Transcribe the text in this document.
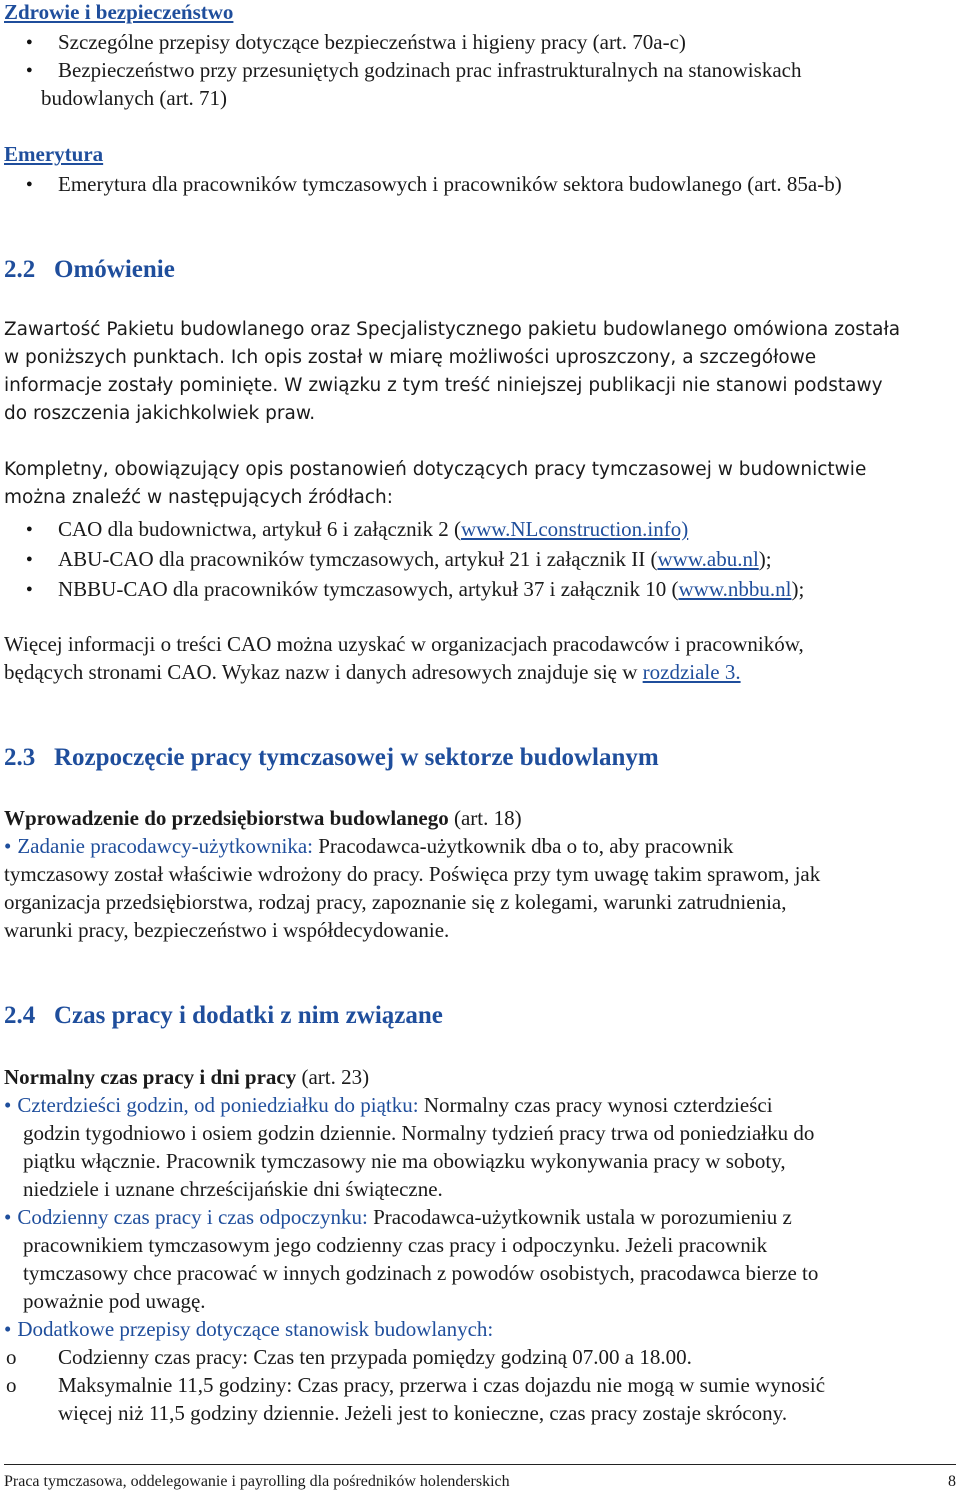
Zdrowie i bezpieczeństwo
● Szczególne przepisy dotyczące bezpieczeństwa i higieny pracy (art. 70a-c)
● Bezpieczeństwo przy przesuniętych godzinach prac infrastrukturalnych na stanowiskach
budowlanych (art. 71)
Emerytura
● Emerytura dla pracowników tymczasowych i pracowników sektora budowlanego (art. 85a-b)
2.2 Omówienie
Zawartość Pakietu budowlanego oraz Specjalistycznego pakietu budowlanego omówiona została
w poniższych punktach. Ich opis został w miarę możliwości uproszczony, a szczegółowe
informacje zostały pominięte. W związku z tym treść niniejszej publikacji nie stanowi podstawy
do roszczenia jakichkolwiek praw.
Kompletny, obowiązujący opis postanowień dotyczących pracy tymczasowej w budownictwie
można znaleźć w następujących źródłach:
● CAO dla budownictwa, artykuł 6 i załącznik 2 (www.NLconstruction.info)
● ABU-CAO dla pracowników tymczasowych, artykuł 21 i załącznik II (www.abu.nl);
● NBBU-CAO dla pracowników tymczasowych, artykuł 37 i załącznik 10 (www.nbbu.nl);
Więcej informacji o treści CAO można uzyskać w organizacjach pracodawców i pracowników,
będących stronami CAO. Wykaz nazw i danych adresowych znajduje się w rozdziale 3.
2.3 Rozpoczęcie pracy tymczasowej w sektorze budowlanym
Wprowadzenie do przedsiębiorstwa budowlanego (art. 18)
• Zadanie pracodawcy-użytkownika: Pracodawca-użytkownik dba o to, aby pracownik
tymczasowy został właściwie wdrożony do pracy. Poświęca przy tym uwagę takim sprawom, jak
organizacja przedsiębiorstwa, rodzaj pracy, zapoznanie się z kolegami, warunki zatrudnienia,
warunki pracy, bezpieczeństwo i współdecydowanie.
2.4 Czas pracy i dodatki z nim związane
Normalny czas pracy i dni pracy (art. 23)
• Czterdzieści godzin, od poniedziałku do piątku: Normalny czas pracy wynosi czterdzieści
godzin tygodniowo i osiem godzin dziennie. Normalny tydzień pracy trwa od poniedziałku do
piątku włącznie. Pracownik tymczasowy nie ma obowiązku wykonywania pracy w soboty,
niedziele i uznane chrześcijańskie dni świąteczne.
• Codzienny czas pracy i czas odpoczynku: Pracodawca-użytkownik ustala w porozumieniu z
pracownikiem tymczasowym jego codzienny czas pracy i odpoczynku. Jeżeli pracownik
tymczasowy chce pracować w innych godzinach z powodów osobistych, pracodawca bierze to
poważnie pod uwagę.
• Dodatkowe przepisy dotyczące stanowisk budowlanych:
o Codzienny czas pracy: Czas ten przypada pomiędzy godziną 07.00 a 18.00.
o Maksymalnie 11,5 godziny: Czas pracy, przerwa i czas dojazdu nie mogą w sumie wynosić
więcej niż 11,5 godziny dziennie. Jeżeli jest to konieczne, czas pracy zostaje skrócony.
Praca tymczasowa, oddelegowanie i payrolling dla pośredników holenderskich	8
